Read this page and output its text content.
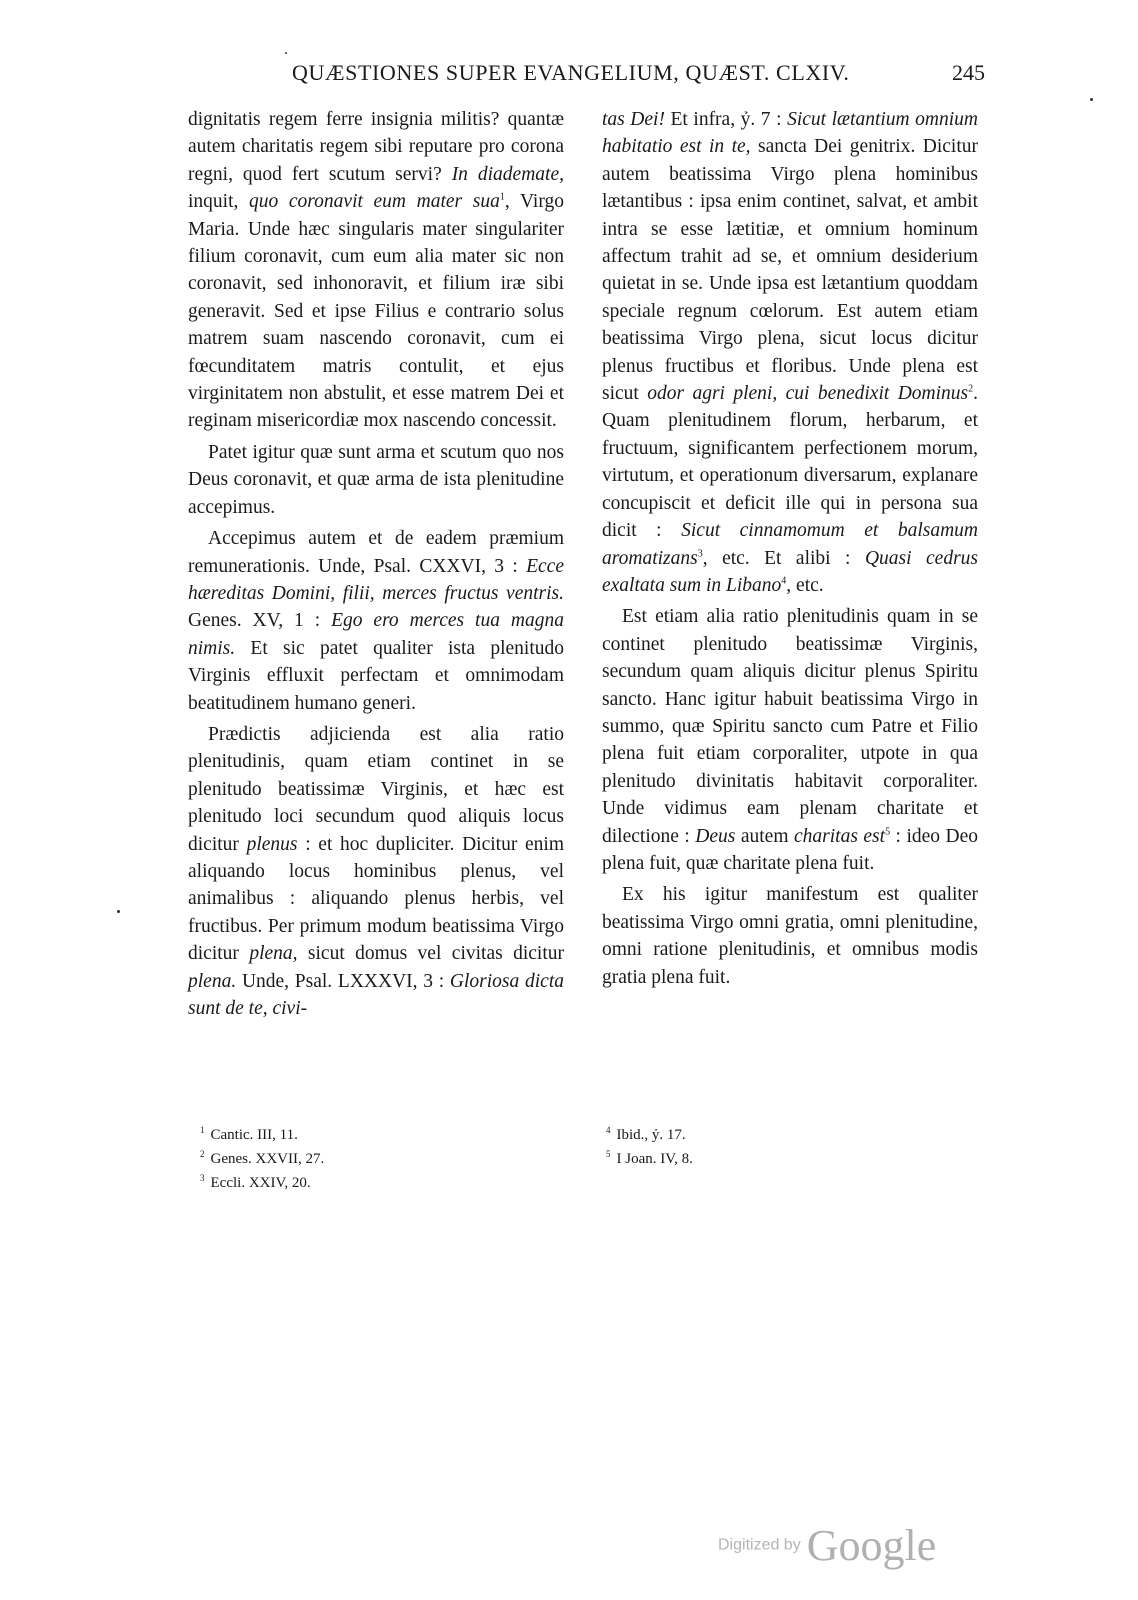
QUÆSTIONES SUPER EVANGELIUM, QUÆST. CLXIV.	245

dignitatis regem ferre insignia militis? quantæ autem charitatis regem sibi reputare pro corona regni, quod fert scutum servi? In diademate, inquit, quo coronavit eum mater sua$^1$, Virgo Maria. Unde hæc singularis mater singulariter filium coronavit, cum eum alia mater sic non coronavit, sed inhonoravit, et filium iræ sibi generavit. Sed et ipse Filius e contrario solus matrem suam nascendo coronavit, cum ei fœcunditatem matris contulit, et ejus virginitatem non abstulit, et esse matrem Dei et reginam misericordiæ mox nascendo concessit.

Patet igitur quæ sunt arma et scutum quo nos Deus coronavit, et quæ arma de ista plenitudine accepimus.

Accepimus autem et de eadem præmium remunerationis. Unde, Psal. CXXVI, 3 : Ecce hæreditas Domini, filii, merces fructus ventris. Genes. XV, 1 : Ego ero merces tua magna nimis. Et sic patet qualiter ista plenitudo Virginis effluxit perfectam et omnimodam beatitudinem humano generi.

Prædictis adjicienda est alia ratio plenitudinis, quam etiam continet in se plenitudo beatissimæ Virginis, et hæc est plenitudo loci secundum quod aliquis locus dicitur plenus : et hoc dupliciter. Dicitur enim aliquando locus hominibus plenus, vel animalibus : aliquando plenus herbis, vel fructibus. Per primum modum beatissima Virgo dicitur plena, sicut domus vel civitas dicitur plena. Unde, Psal. LXXXVI, 3 : Gloriosa dicta sunt de te, civi-

tas Dei! Et infra, ỷ. 7 : Sicut lætantium omnium habitatio est in te, sancta Dei genitrix. Dicitur autem beatissima Virgo plena hominibus lætantibus : ipsa enim continet, salvat, et ambit intra se esse lætitiæ, et omnium hominum affectum trahit ad se, et omnium desiderium quietat in se. Unde ipsa est lætantium quoddam speciale regnum cœlorum. Est autem etiam beatissima Virgo plena, sicut locus dicitur plenus fructibus et floribus. Unde plena est sicut odor agri pleni, cui benedixit Dominus$^2$. Quam plenitudinem florum, herbarum, et fructuum, significantem perfectionem morum, virtutum, et operationum diversarum, explanare concupiscit et deficit ille qui in persona sua dicit : Sicut cinnamomum et balsamum aromatizans$^3$, etc. Et alibi : Quasi cedrus exaltata sum in Libano$^4$, etc.

Est etiam alia ratio plenitudinis quam in se continet plenitudo beatissimæ Virginis, secundum quam aliquis dicitur plenus Spiritu sancto. Hanc igitur habuit beatissima Virgo in summo, quæ Spiritu sancto cum Patre et Filio plena fuit etiam corporaliter, utpote in qua plenitudo divinitatis habitavit corporaliter. Unde vidimus eam plenam charitate et dilectione : Deus autem charitas est$^5$ : ideo Deo plena fuit, quæ charitate plena fuit.

Ex his igitur manifestum est qualiter beatissima Virgo omni gratia, omni plenitudine, omni ratione plenitudinis, et omnibus modis gratia plena fuit.

$^1$ Cantic. III, 11.
$^2$ Genes. XXVII, 27.
$^3$ Eccli. XXIV, 20.
$^4$ Ibid., ỷ. 17.
$^5$ I Joan. IV, 8.
Digitized by Google
